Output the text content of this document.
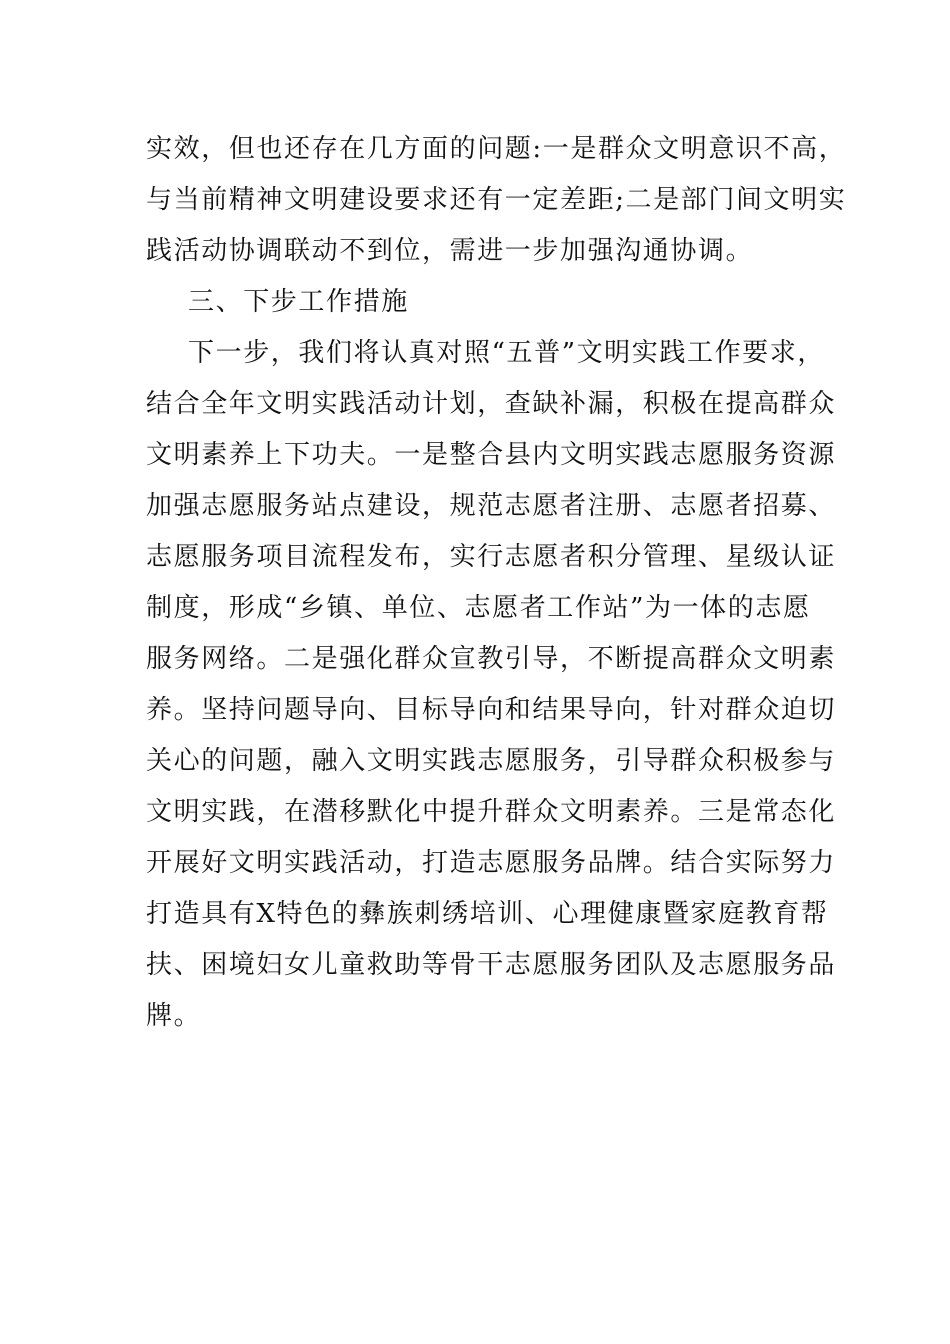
实效，但也还存在几方面的问题:一是群众文明意识不高，
与当前精神文明建设要求还有一定差距;二是部门间文明实
践活动协调联动不到位，需进一步加强沟通协调。
三、下步工作措施
下一步，我们将认真对照“五普”文明实践工作要求，
结合全年文明实践活动计划，查缺补漏，积极在提高群众
文明素养上下功夫。一是整合县内文明实践志愿服务资源
加强志愿服务站点建设，规范志愿者注册、志愿者招募、
志愿服务项目流程发布，实行志愿者积分管理、星级认证
制度，形成“乡镇、单位、志愿者工作站”为一体的志愿
服务网络。二是强化群众宣教引导，不断提高群众文明素
养。坚持问题导向、目标导向和结果导向，针对群众迫切
关心的问题，融入文明实践志愿服务，引导群众积极参与
文明实践，在潜移默化中提升群众文明素养。三是常态化
开展好文明实践活动，打造志愿服务品牌。结合实际努力
打造具有X特色的彝族刺绣培训、心理健康暨家庭教育帮
扶、困境妇女儿童救助等骨干志愿服务团队及志愿服务品
牌。
